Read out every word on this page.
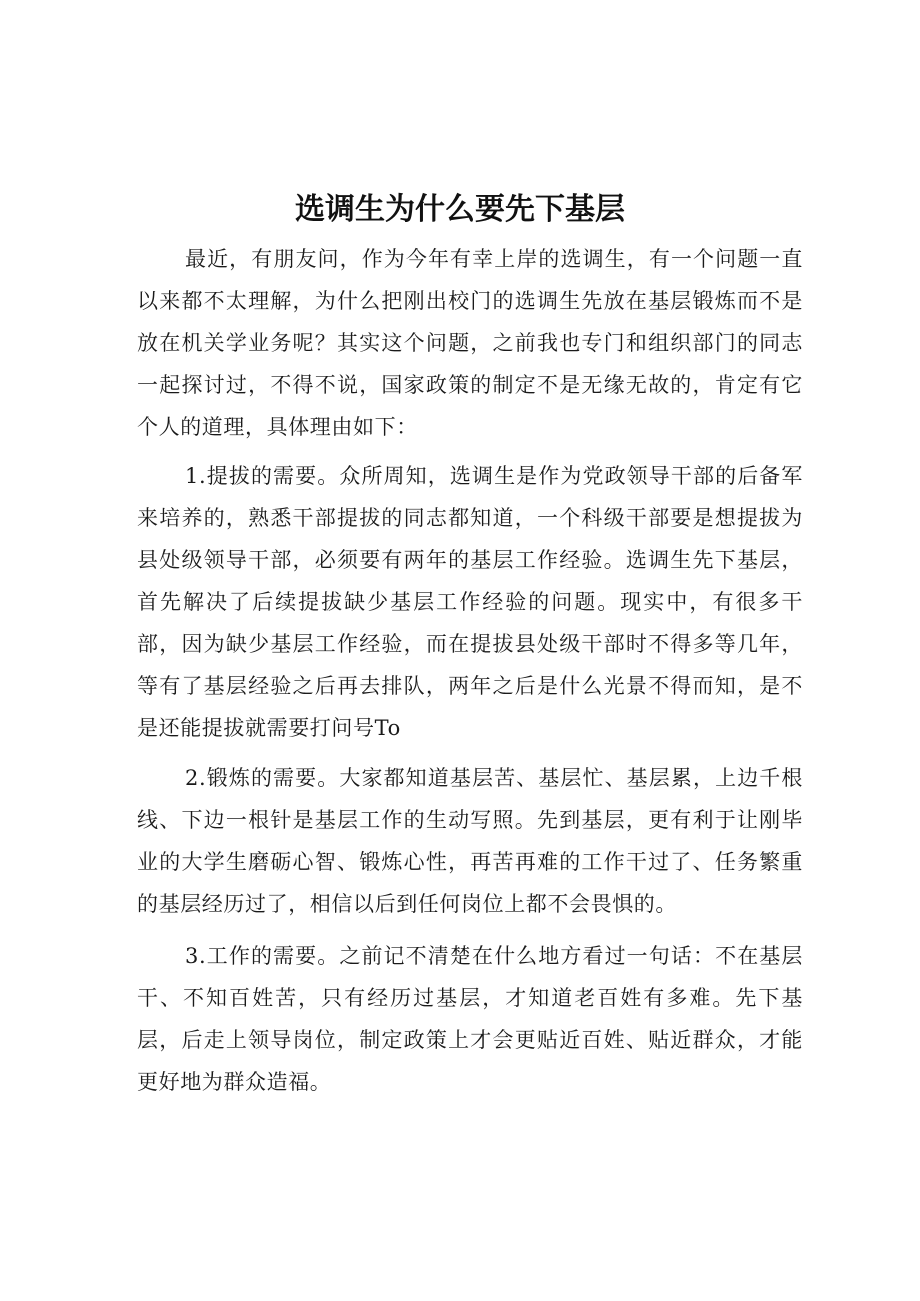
选调生为什么要先下基层

最近，有朋友问，作为今年有幸上岸的选调生，有一个问题一直以来都不太理解，为什么把刚出校门的选调生先放在基层锻炼而不是放在机关学业务呢？其实这个问题，之前我也专门和组织部门的同志一起探讨过，不得不说，国家政策的制定不是无缘无故的，肯定有它个人的道理，具体理由如下：

1.提拔的需要。众所周知，选调生是作为党政领导干部的后备军来培养的，熟悉干部提拔的同志都知道，一个科级干部要是想提拔为县处级领导干部，必须要有两年的基层工作经验。选调生先下基层，首先解决了后续提拔缺少基层工作经验的问题。现实中，有很多干部，因为缺少基层工作经验，而在提拔县处级干部时不得多等几年，等有了基层经验之后再去排队，两年之后是什么光景不得而知，是不是还能提拔就需要打问号To

2.锻炼的需要。大家都知道基层苦、基层忙、基层累，上边千根线、下边一根针是基层工作的生动写照。先到基层，更有利于让刚毕业的大学生磨砺心智、锻炼心性，再苦再难的工作干过了、任务繁重的基层经历过了，相信以后到任何岗位上都不会畏惧的。

3.工作的需要。之前记不清楚在什么地方看过一句话：不在基层干、不知百姓苦，只有经历过基层，才知道老百姓有多难。先下基层，后走上领导岗位，制定政策上才会更贴近百姓、贴近群众，才能更好地为群众造福。
